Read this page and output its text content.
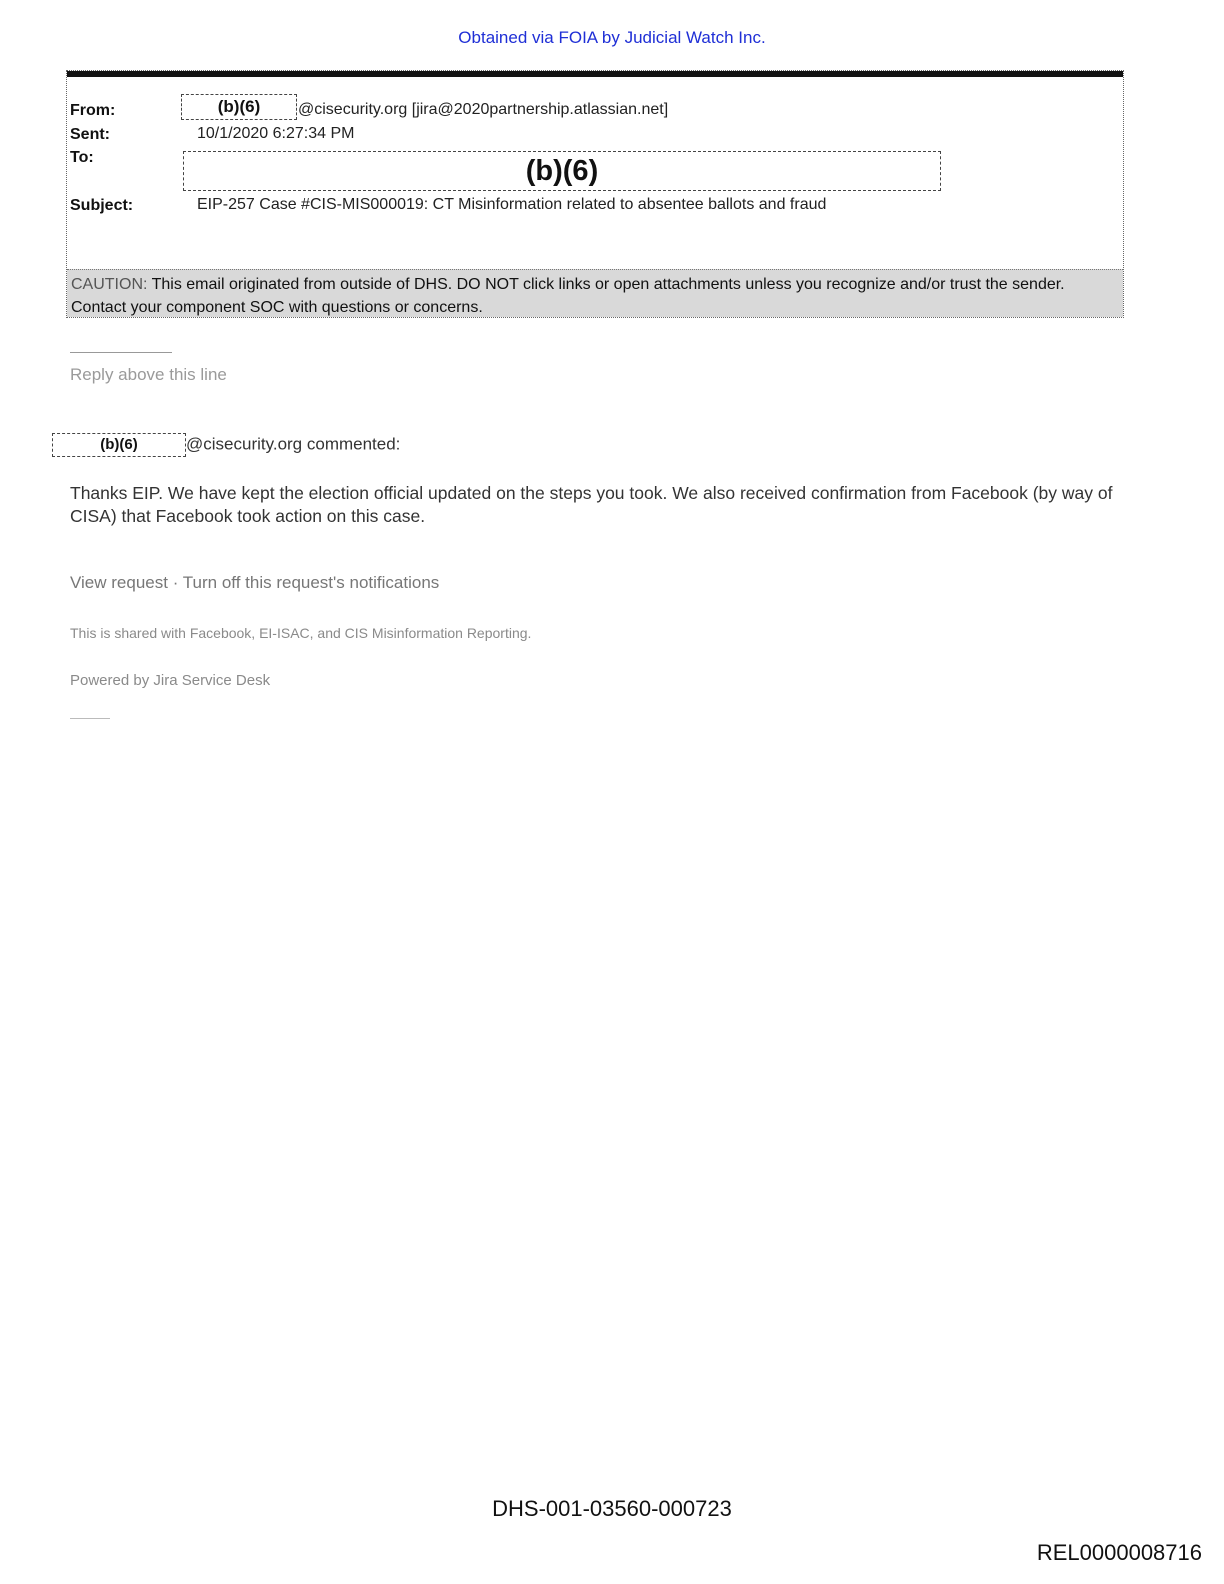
Obtained via FOIA by Judicial Watch Inc.
From:	(b)(6)	@cisecurity.org [jira@2020partnership.atlassian.net]
Sent:	10/1/2020 6:27:34 PM
To:	(b)(6)
Subject:	EIP-257 Case #CIS-MIS000019: CT Misinformation related to absentee ballots and fraud
CAUTION: This email originated from outside of DHS. DO NOT click links or open attachments unless you recognize and/or trust the sender. Contact your component SOC with questions or concerns.
Reply above this line
(b)(6)	@cisecurity.org commented:
Thanks EIP. We have kept the election official updated on the steps you took. We also received confirmation from Facebook (by way of CISA) that Facebook took action on this case.
View request · Turn off this request's notifications
This is shared with Facebook, EI-ISAC, and CIS Misinformation Reporting.
Powered by Jira Service Desk
DHS-001-03560-000723
REL0000008716
